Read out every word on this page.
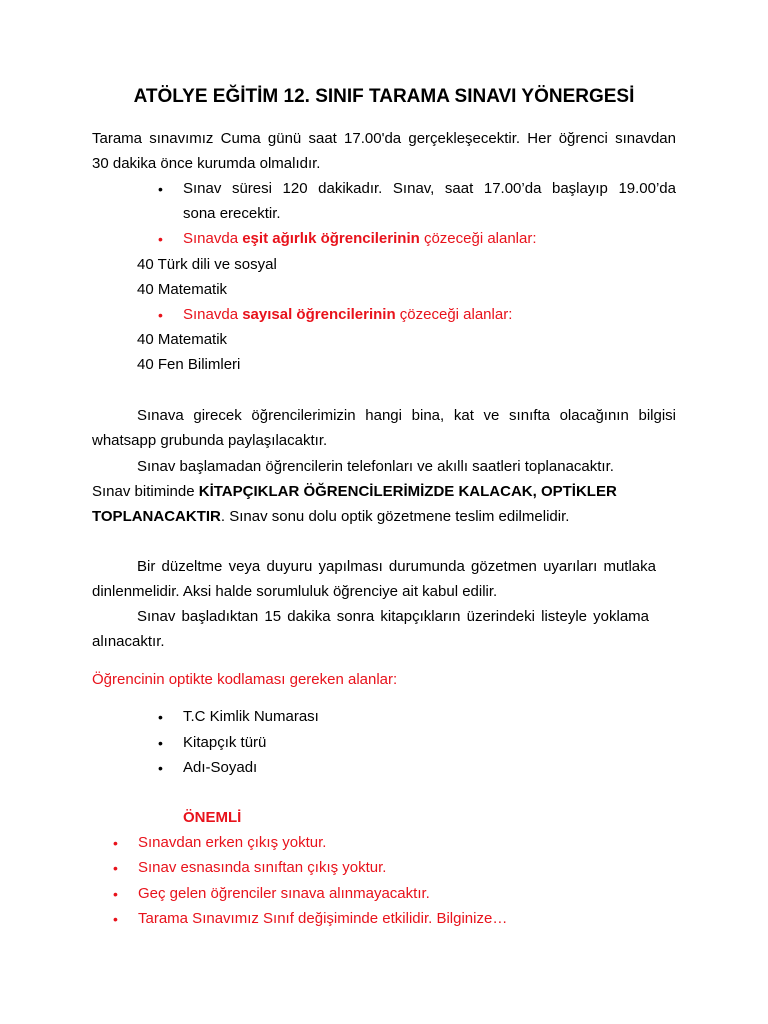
ATÖLYE EĞİTİM 12. SINIF TARAMA SINAVI YÖNERGESİ
Tarama sınavımız Cuma günü saat 17.00'da gerçekleşecektir. Her öğrenci sınavdan
30 dakika önce kurumda olmalıdır.
• Sınav süresi 120 dakikadır. Sınav, saat 17.00’da başlayıp 19.00’da
sona erecektir.
• Sınavda eşit ağırlık öğrencilerinin çözeceği alanlar:
40 Türk dili ve sosyal
40 Matematik
• Sınavda sayısal öğrencilerinin çözeceği alanlar:
40 Matematik
40 Fen Bilimleri
Sınava girecek öğrencilerimizin hangi bina, kat ve sınıfta olacağının bilgisi
whatsapp grubunda paylaşılacaktır.
Sınav başlamadan öğrencilerin telefonları ve akıllı saatleri toplanacaktır.
Sınav bitiminde KİTAPÇIKLAR ÖĞRENCİLERİMİZDE KALACAK, OPTİKLER
TOPLANACAKTIR. Sınav sonu dolu optik gözetmene teslim edilmelidir.
Bir düzeltme veya duyuru yapılması durumunda gözetmen uyarıları mutlaka
dinlenmelidir. Aksi halde sorumluluk öğrenciye ait kabul edilir.
Sınav başladıktan 15 dakika sonra kitapçıkların üzerindeki listeyle yoklama
alınacaktır.
Öğrencinin optikte kodlaması gereken alanlar:
• T.C Kimlik Numarası
• Kitapçık türü
• Adı-Soyadı
ÖNEMLİ
• Sınavdan erken çıkış yoktur.
• Sınav esnasında sınıftan çıkış yoktur.
• Geç gelen öğrenciler sınava alınmayacaktır.
• Tarama Sınavımız Sınıf değişiminde etkilidir. Bilginize…
